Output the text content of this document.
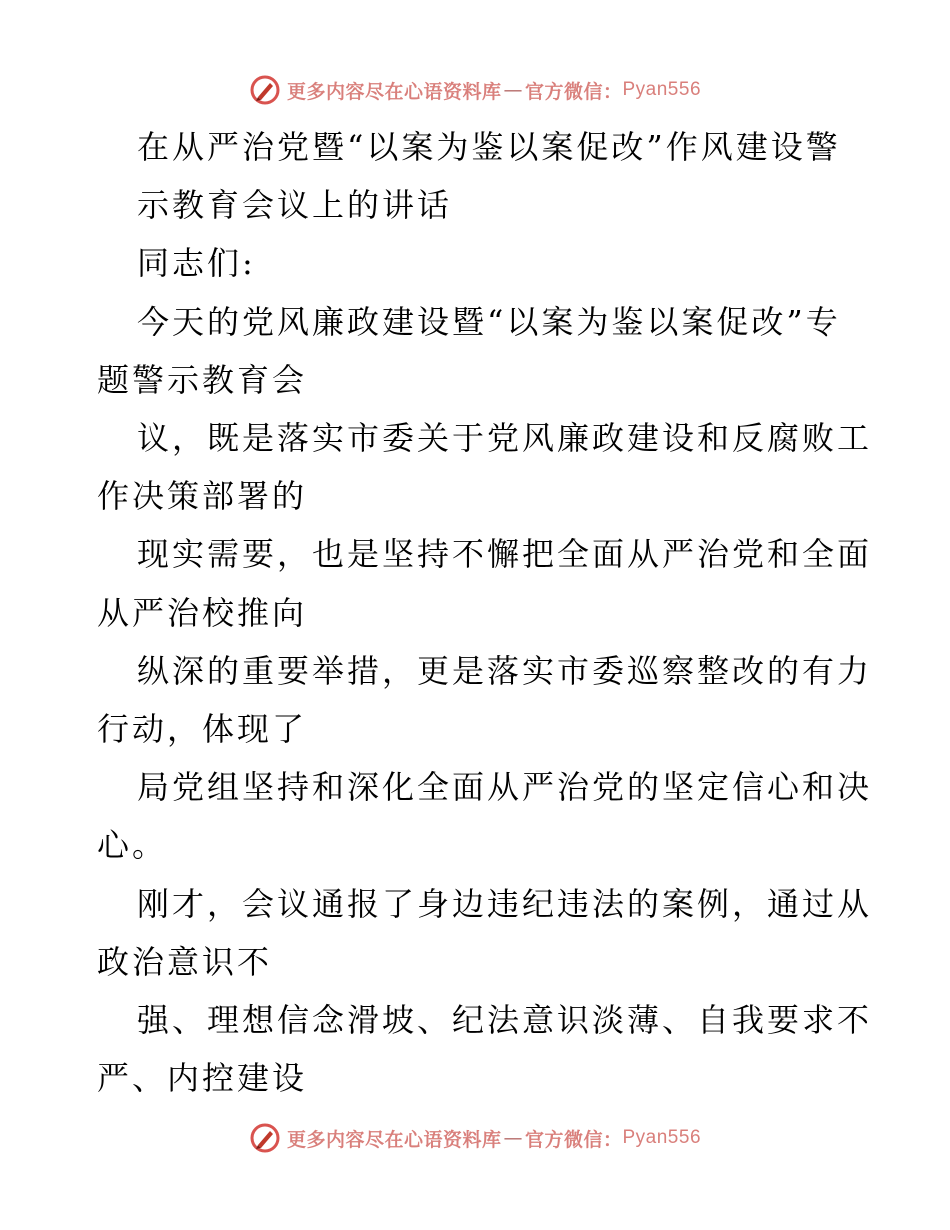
更多内容尽在心语资料库 — 官方微信： Pyan556
在从严治党暨“以案为鉴以案促改”作风建设警
示教育会议上的讲话
同志们:
今天的党风廉政建设暨“以案为鉴以案促改”专
题警示教育会
议，既是落实市委关于党风廉政建设和反腐败工
作决策部署的
现实需要，也是坚持不懈把全面从严治党和全面
从严治校推向
纵深的重要举措，更是落实市委巡察整改的有力
行动，体现了
局党组坚持和深化全面从严治党的坚定信心和决
心。
刚才，会议通报了身边违纪违法的案例，通过从
政治意识不
强、理想信念滑坡、纪法意识淡薄、自我要求不
严、内控建设
更多内容尽在心语资料库 — 官方微信： Pyan556
